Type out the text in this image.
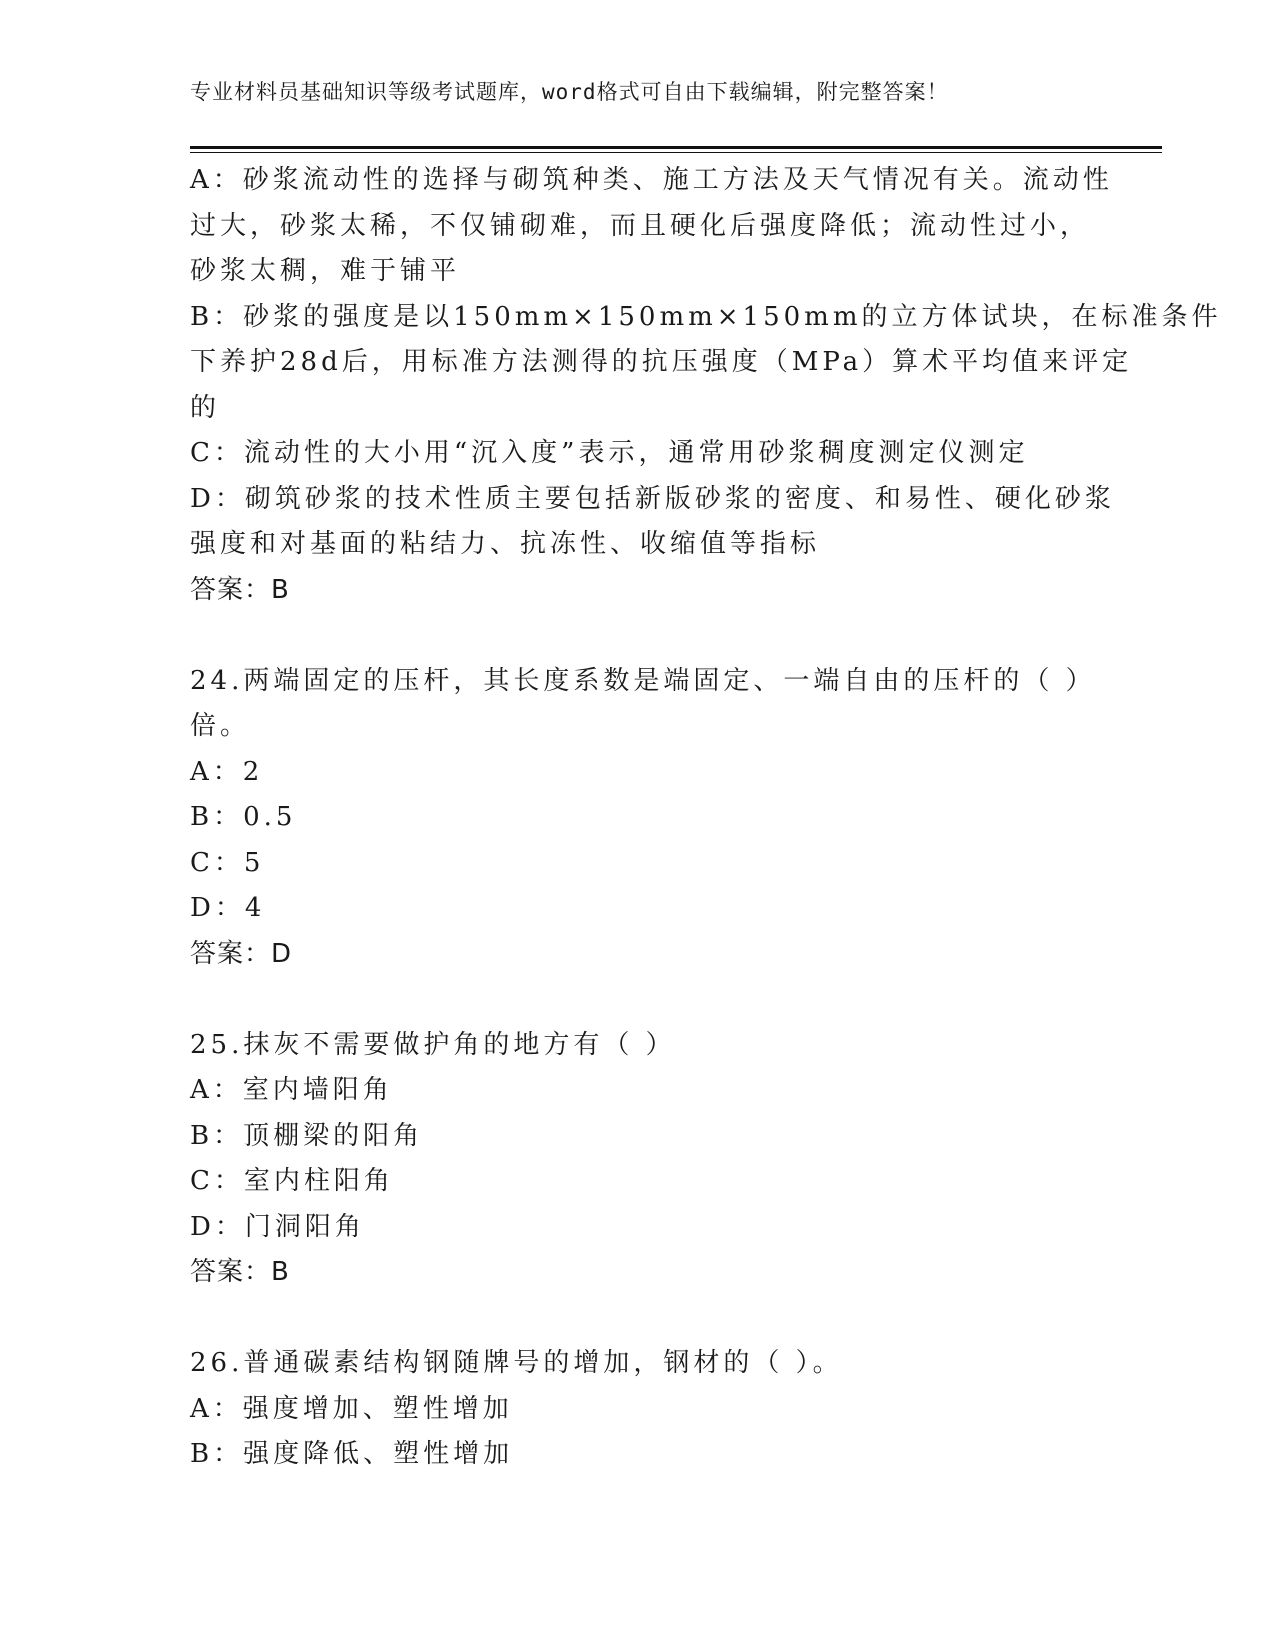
专业材料员基础知识等级考试题库，word格式可自由下载编辑，附完整答案！
A：砂浆流动性的选择与砌筑种类、施工方法及天气情况有关。流动性
过大，砂浆太稀，不仅铺砌难，而且硬化后强度降低；流动性过小，
砂浆太稠，难于铺平
B：砂浆的强度是以150mm×150mm×150mm的立方体试块，在标准条件
下养护28d后，用标准方法测得的抗压强度（MPa）算术平均值来评定
的
C：流动性的大小用“沉入度”表示，通常用砂浆稠度测定仪测定
D：砌筑砂浆的技术性质主要包括新版砂浆的密度、和易性、硬化砂浆
强度和对基面的粘结力、抗冻性、收缩值等指标
答案：B
24.两端固定的压杆，其长度系数是端固定、一端自由的压杆的（ ）
倍。
A：2
B：0.5
C：5
D：4
答案：D
25.抹灰不需要做护角的地方有（ ）
A：室内墙阳角
B：顶棚梁的阳角
C：室内柱阳角
D：门洞阳角
答案：B
26.普通碳素结构钢随牌号的增加，钢材的（ ）。
A：强度增加、塑性增加
B：强度降低、塑性增加
